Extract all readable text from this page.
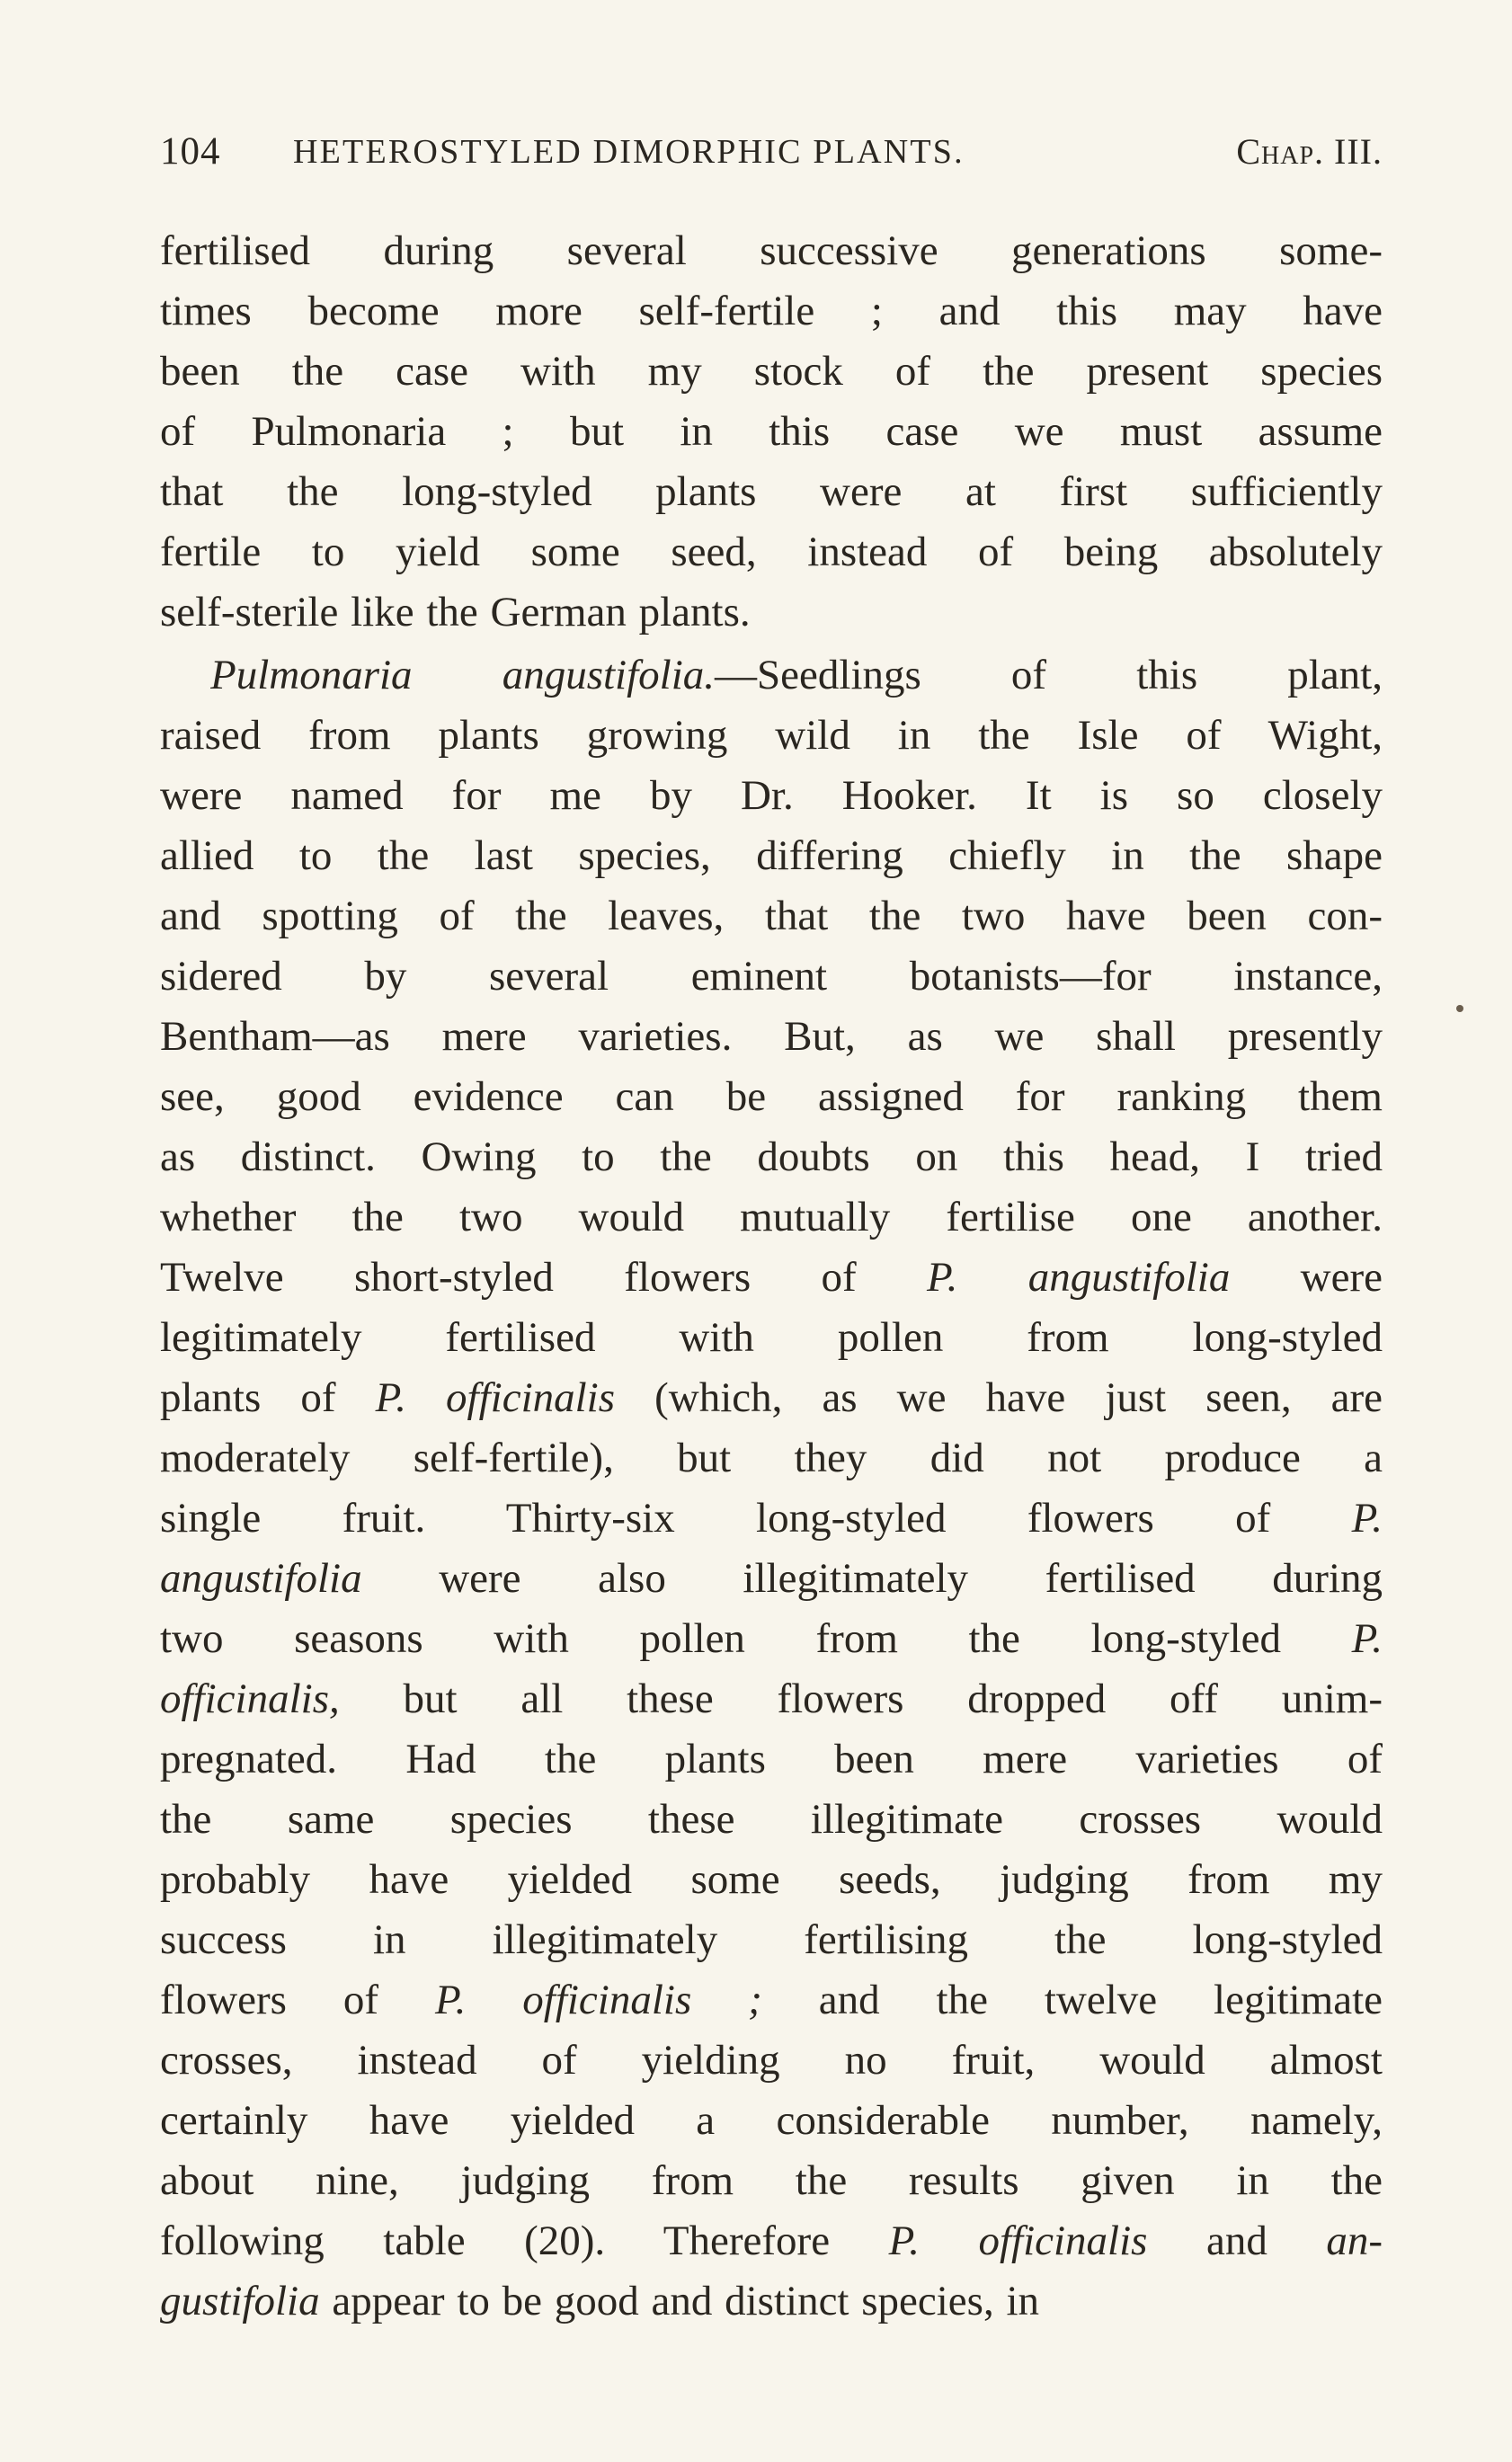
104 HETEROSTYLED DIMORPHIC PLANTS.	Chap. III.
fertilised during several successive generations some-
times become more self-fertile ; and this may have
been the case with my stock of the present species
of Pulmonaria ; but in this case we must assume
that the long-styled plants were at first sufficiently
fertile to yield some seed, instead of being absolutely
self-sterile like the German plants.
Pulmonaria angustifolia.—Seedlings of this plant,
raised from plants growing wild in the Isle of Wight,
were named for me by Dr. Hooker. It is so closely
allied to the last species, differing chiefly in the shape
and spotting of the leaves, that the two have been con-
sidered by several eminent botanists—for instance,
Bentham—as mere varieties. But, as we shall presently
see, good evidence can be assigned for ranking them
as distinct. Owing to the doubts on this head, I tried
whether the two would mutually fertilise one another.
Twelve short-styled flowers of P. angustifolia were
legitimately fertilised with pollen from long-styled
plants of P. officinalis (which, as we have just seen, are
moderately self-fertile), but they did not produce a
single fruit. Thirty-six long-styled flowers of P.
angustifolia were also illegitimately fertilised during
two seasons with pollen from the long-styled P.
officinalis, but all these flowers dropped off unim-
pregnated. Had the plants been mere varieties of
the same species these illegitimate crosses would
probably have yielded some seeds, judging from my
success in illegitimately fertilising the long-styled
flowers of P. officinalis ; and the twelve legitimate
crosses, instead of yielding no fruit, would almost
certainly have yielded a considerable number, namely,
about nine, judging from the results given in the
following table (20). Therefore P. officinalis and an-
gustifolia appear to be good and distinct species, in
